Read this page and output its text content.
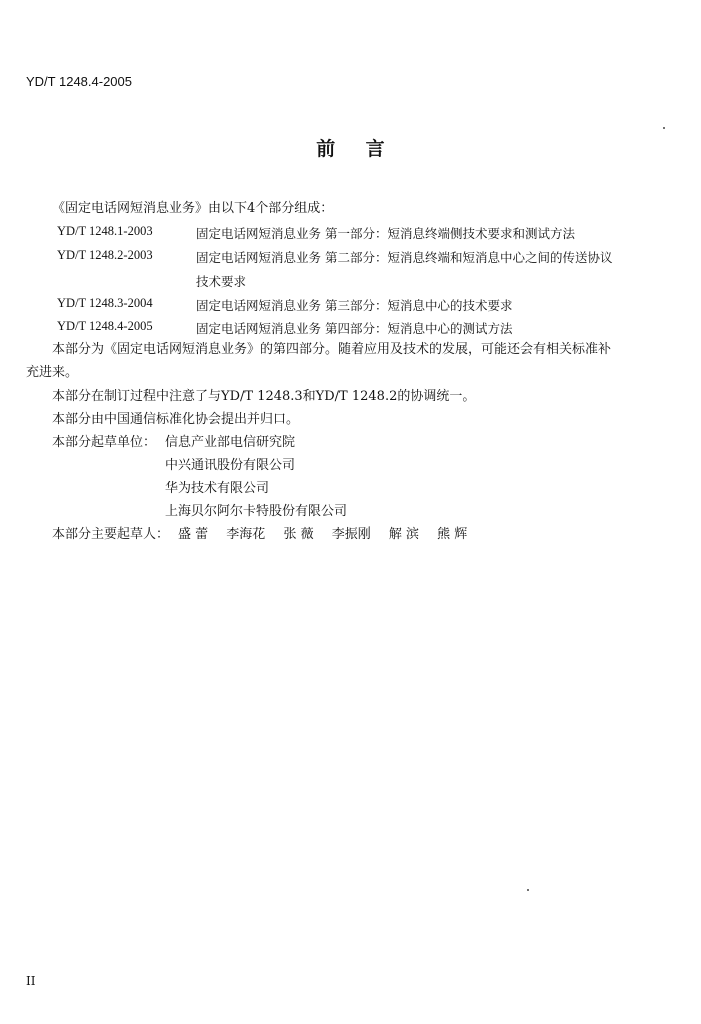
YD/T 1248.4-2005
前言
《固定电话网短消息业务》由以下4个部分组成：
YD/T 1248.1-2003	固定电话网短消息业务 第一部分：短消息终端侧技术要求和测试方法
YD/T 1248.2-2003	固定电话网短消息业务 第二部分：短消息终端和短消息中心之间的传送协议
技术要求
YD/T 1248.3-2004	固定电话网短消息业务 第三部分：短消息中心的技术要求
YD/T 1248.4-2005	固定电话网短消息业务 第四部分：短消息中心的测试方法
本部分为《固定电话网短消息业务》的第四部分。随着应用及技术的发展，可能还会有相关标准补
充进来。
本部分在制订过程中注意了与YD/T 1248.3和YD/T 1248.2的协调统一。
本部分由中国通信标准化协会提出并归口。
本部分起草单位： 信息产业部电信研究院
中兴通讯股份有限公司
华为技术有限公司
上海贝尔阿尔卡特股份有限公司
本部分主要起草人： 盛 蕾 李海花 张 薇 李振刚 解 滨 熊 辉
II
